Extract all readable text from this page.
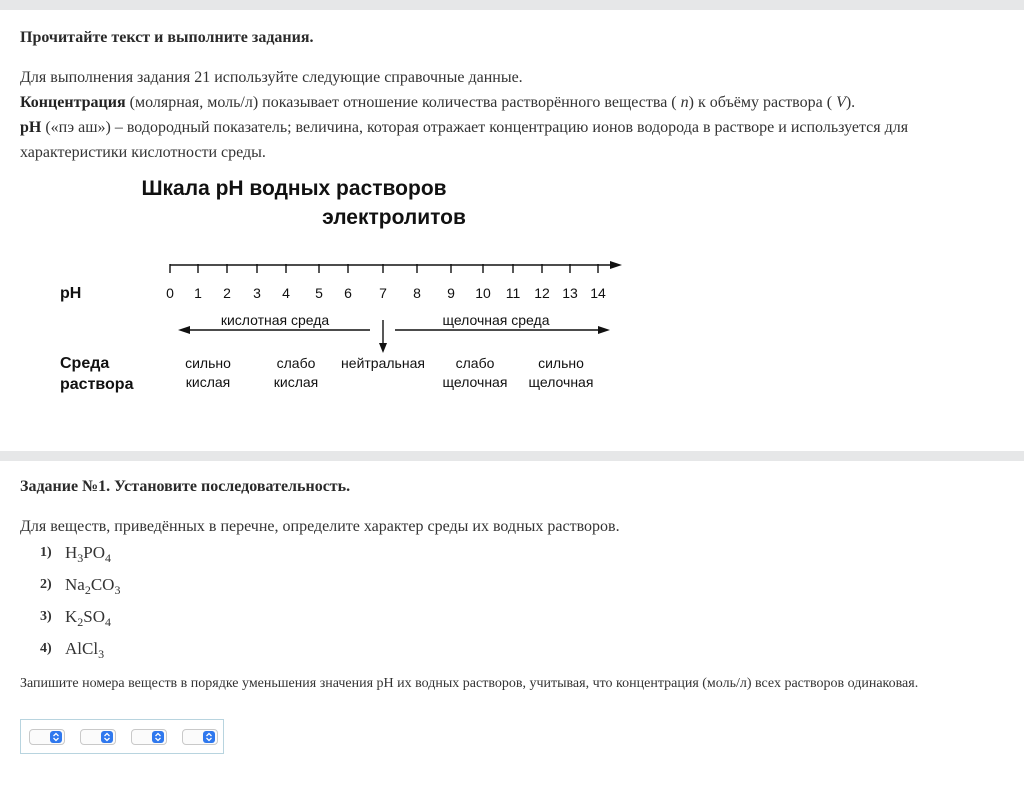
Прочитайте текст и выполните задания.

Для выполнения задания 21 используйте следующие справочные данные.

Концентрация (молярная, моль/л) показывает отношение количества растворённого вещества ( n) к объёму раствора ( V).

pH («пэ аш») – водородный показатель; величина, которая отражает концентрацию ионов водорода в растворе и используется для характеристики кислотности среды.

Шкала pH водных растворов
электролитов
pH	0 1 2 3 4 5 6 7 8 9 10 11 12 13 14
кислотная среда	щелочная среда
Среда
раствора
сильно
кислая
слабо
кислая
нейтральная слабо
щелочная
сильно
щелочная

Задание №1. Установите последовательность.

Для веществ, приведённых в перечне, определите характер среды их водных растворов.

1) $H_3PO_4$
2) $Na_2CO_3$
3) $K_2SO_4$
4) AlCl$_3$

Запишите номера веществ в порядке уменьшения значения pH их водных растворов, учитывая, что концентрация (моль/л) всех растворов одинаковая.
